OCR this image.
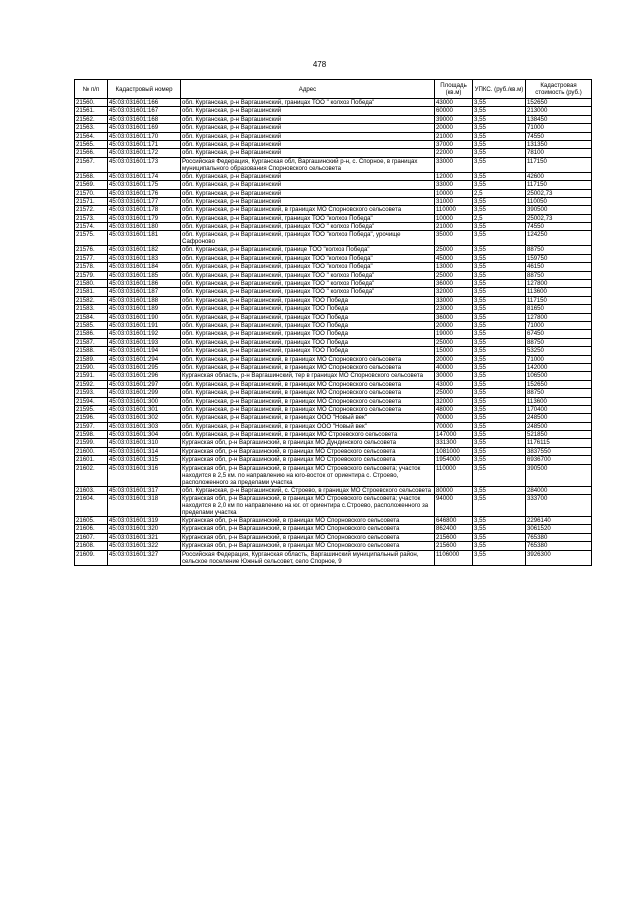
478
№ п/п	Кадастровый номер	Адрес	Площадь (кв.м)	УПКС. (руб./кв.м)	Кадастровая стоимость (руб.)
21560.	45:03:031601:166	обл. Курганская, р-н Варгашинский, границах ТОО " колхоз Победа"	43000	3,55	152650
21561.	45:03:031601:167	обл. Курганская, р-н Варгашинский	60000	3,55	213000
21562.	45:03:031601:168	обл. Курганская, р-н Варгашинский	39000	3,55	138450
21563.	45:03:031601:169	обл. Курганская, р-н Варгашинский	20000	3,55	71000
21564.	45:03:031601:170	обл. Курганская, р-н Варгашинский	21000	3,55	74550
21565.	45:03:031601:171	обл. Курганская, р-н Варгашинский	37000	3,55	131350
21566.	45:03:031601:172	обл. Курганская, р-н Варгашинский	22000	3,55	78100
21567.	45:03:031601:173	Российская Федерация, Курганская обл, Варгашинский р-н, с. Спорное, в границах муниципального образования Спорновского сельсовета	33000	3,55	117150
21568.	45:03:031601:174	обл. Курганская, р-н Варгашинский	12000	3,55	42600
21569.	45:03:031601:175	обл. Курганская, р-н Варгашинский	33000	3,55	117150
21570.	45:03:031601:176	обл. Курганская, р-н Варгашинский	10000	2,5	25002,73
21571.	45:03:031601:177	обл. Курганская, р-н Варгашинский	31000	3,55	110050
21572.	45:03:031601:178	обл. Курганская, р-н Варгашинский, в границах МО Спорновского сельсовета	110000	3,55	390500
21573.	45:03:031601:179	обл. Курганская, р-н Варгашинский, границах ТОО "колхоз Победа"	10000	2,5	25002,73
21574.	45:03:031601:180	обл. Курганская, р-н Варгашинский, границах ТОО " колхоз Победа"	21000	3,55	74550
21575.	45:03:031601:181	обл. Курганская, р-н Варгашинский, границах ТОО "колхоз Победа", урочище Сафроново	35000	3,55	124250
21576.	45:03:031601:182	обл. Курганская, р-н Варгашинский, границе ТОО "колхоз Победа"	25000	3,55	88750
21577.	45:03:031601:183	обл. Курганская, р-н Варгашинский, границах ТОО "колхоз Победа"	45000	3,55	159750
21578.	45:03:031601:184	обл. Курганская, р-н Варгашинский, границах ТОО "колхоз Победа"	13000	3,55	46150
21579.	45:03:031601:185	обл. Курганская, р-н Варгашинский, границах ТОО " колхоз Победа"	25000	3,55	88750
21580.	45:03:031601:186	обл. Курганская, р-н Варгашинский, границах ТОО " колхоз Победа"	36000	3,55	127800
21581.	45:03:031601:187	обл. Курганская, р-н Варгашинский, границах ТОО " колхоз Победа"	32000	3,55	113600
21582.	45:03:031601:188	обл. Курганская, р-н Варгашинский, границах ТОО Победа	33000	3,55	117150
21583.	45:03:031601:189	обл. Курганская, р-н Варгашинский, границах ТОО Победа	23000	3,55	81650
21584.	45:03:031601:190	обл. Курганская, р-н Варгашинский, границах ТОО Победа	36000	3,55	127800
21585.	45:03:031601:191	обл. Курганская, р-н Варгашинский, границах ТОО Победа	20000	3,55	71000
21586.	45:03:031601:192	обл. Курганская, р-н Варгашинский, границах ТОО Победа	19000	3,55	67450
21587.	45:03:031601:193	обл. Курганская, р-н Варгашинский, границах ТОО Победа	25000	3,55	88750
21588.	45:03:031601:194	обл. Курганская, р-н Варгашинский, границах ТОО Победа	15000	3,55	53250
21589.	45:03:031601:294	обл. Курганская, р-н Варгашинский, в границах МО Спорновского сельсовета	20000	3,55	71000
21590.	45:03:031601:295	обл. Курганская, р-н Варгашинский, в границах МО Спорновского сельсовета	40000	3,55	142000
21591.	45:03:031601:296	Курганская область, р-н Варгашинский, тер в границах МО Спорновского сельсовета	30000	3,55	106500
21592.	45:03:031601:297	обл. Курганская, р-н Варгашинский, в границах МО Спорновского сельсовета	43000	3,55	152650
21593.	45:03:031601:299	обл. Курганская, р-н Варгашинский, в границах МО Спорновского сельсовета	25000	3,55	88750
21594.	45:03:031601:300	обл. Курганская, р-н Варгашинский, в границах МО Спорновского сельсовета	32000	3,55	113600
21595.	45:03:031601:301	обл. Курганская, р-н Варгашинский, в границах МО Спорновского сельсовета	48000	3,55	170400
21596.	45:03:031601:302	обл. Курганская, р-н Варгашинский, в границах ООО "Новый век"	70000	3,55	248500
21597.	45:03:031601:303	обл. Курганская, р-н Варгашинский, в границах ООО "Новый век"	70000	3,55	248500
21598.	45:03:031601:304	обл. Курганская, р-н Варгашинский, в границах МО Строевского сельсовета	147000	3,55	521850
21599.	45:03:031601:310	Курганская обл, р-н Варгашинский, в границах МО Дундинского сельсовета	331300	3,55	1176115
21600.	45:03:031601:314	Курганская обл, р-н Варгашинский, в границах МО Строевского сельсовета	1081000	3,55	3837550
21601.	45:03:031601:315	Курганская обл, р-н Варгашинский, в границах МО Строевского сельсовета	1954000	3,55	6936700
21602.	45:03:031601:316	Курганская обл, р-н Варгашинский, в границах МО Строевского сельсовета; участок находится в 2,5 км. по направлению на юго-восток от ориентира с. Строево, расположенного за пределами участка	110000	3,55	390500
21603.	45:03:031601:317	обл. Курганская, р-н Варгашинский, с. Строево, в границах МО Строевского сельсовета	80000	3,55	284000
21604.	45:03:031601:318	Курганская обл, р-н Варгашинский, в границах МО Строевского сельсовета; участок находится в 2,0 км по направлению на юг. от ориентира с.Строево, расположенного за пределами участка	94000	3,55	333700
21605.	45:03:031601:319	Курганская обл, р-н Варгашинский, в границах МО Спорновского сельсовета	646800	3,55	2296140
21606.	45:03:031601:320	Курганская обл, р-н Варгашинский, в границах МО Спорновского сельсовета	862400	3,55	3061520
21607.	45:03:031601:321	Курганская обл, р-н Варгашинский, в границах МО Спорновского сельсовета	215600	3,55	765380
21608.	45:03:031601:322	Курганская обл, р-н Варгашинский, в границах МО Спорновского сельсовета	215600	3,55	765380
21609.	45:03:031601:327	Российская Федерация, Курганская область, Варгашинский муниципальный район, сельское поселение Южный сельсовет, село Спорное, 9	1106000	3,55	3926300
